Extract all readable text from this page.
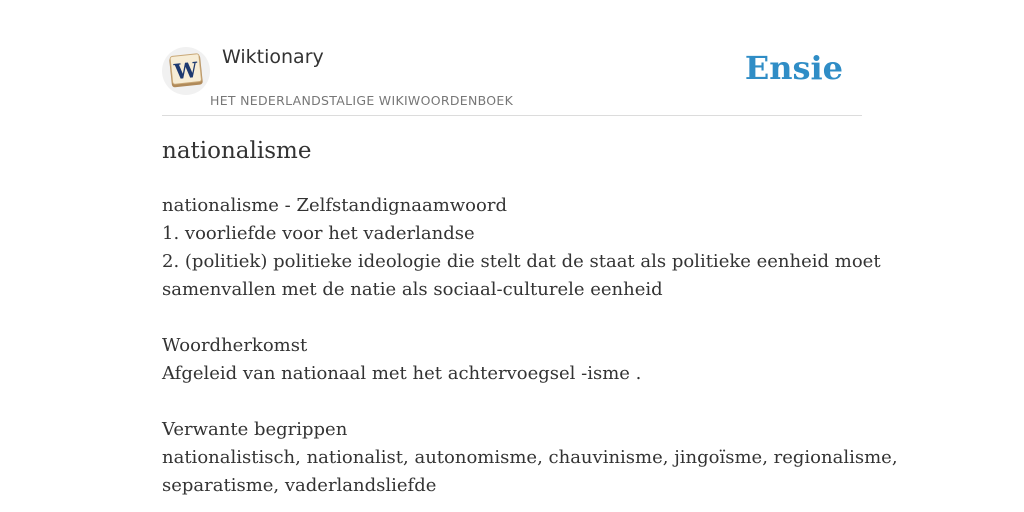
W Wiktionary
HET NEDERLANDSTALIGE WIKIWOORDENBOEK
Ensie
nationalisme
nationalisme - Zelfstandignaamwoord
1. voorliefde voor het vaderlandse
2. (politiek) politieke ideologie die stelt dat de staat als politieke eenheid moet
samenvallen met de natie als sociaal-culturele eenheid
Woordherkomst
Afgeleid van nationaal met het achtervoegsel -isme .
Verwante begrippen
nationalistisch, nationalist, autonomisme, chauvinisme, jingoïsme, regionalisme,
separatisme, vaderlandsliefde
